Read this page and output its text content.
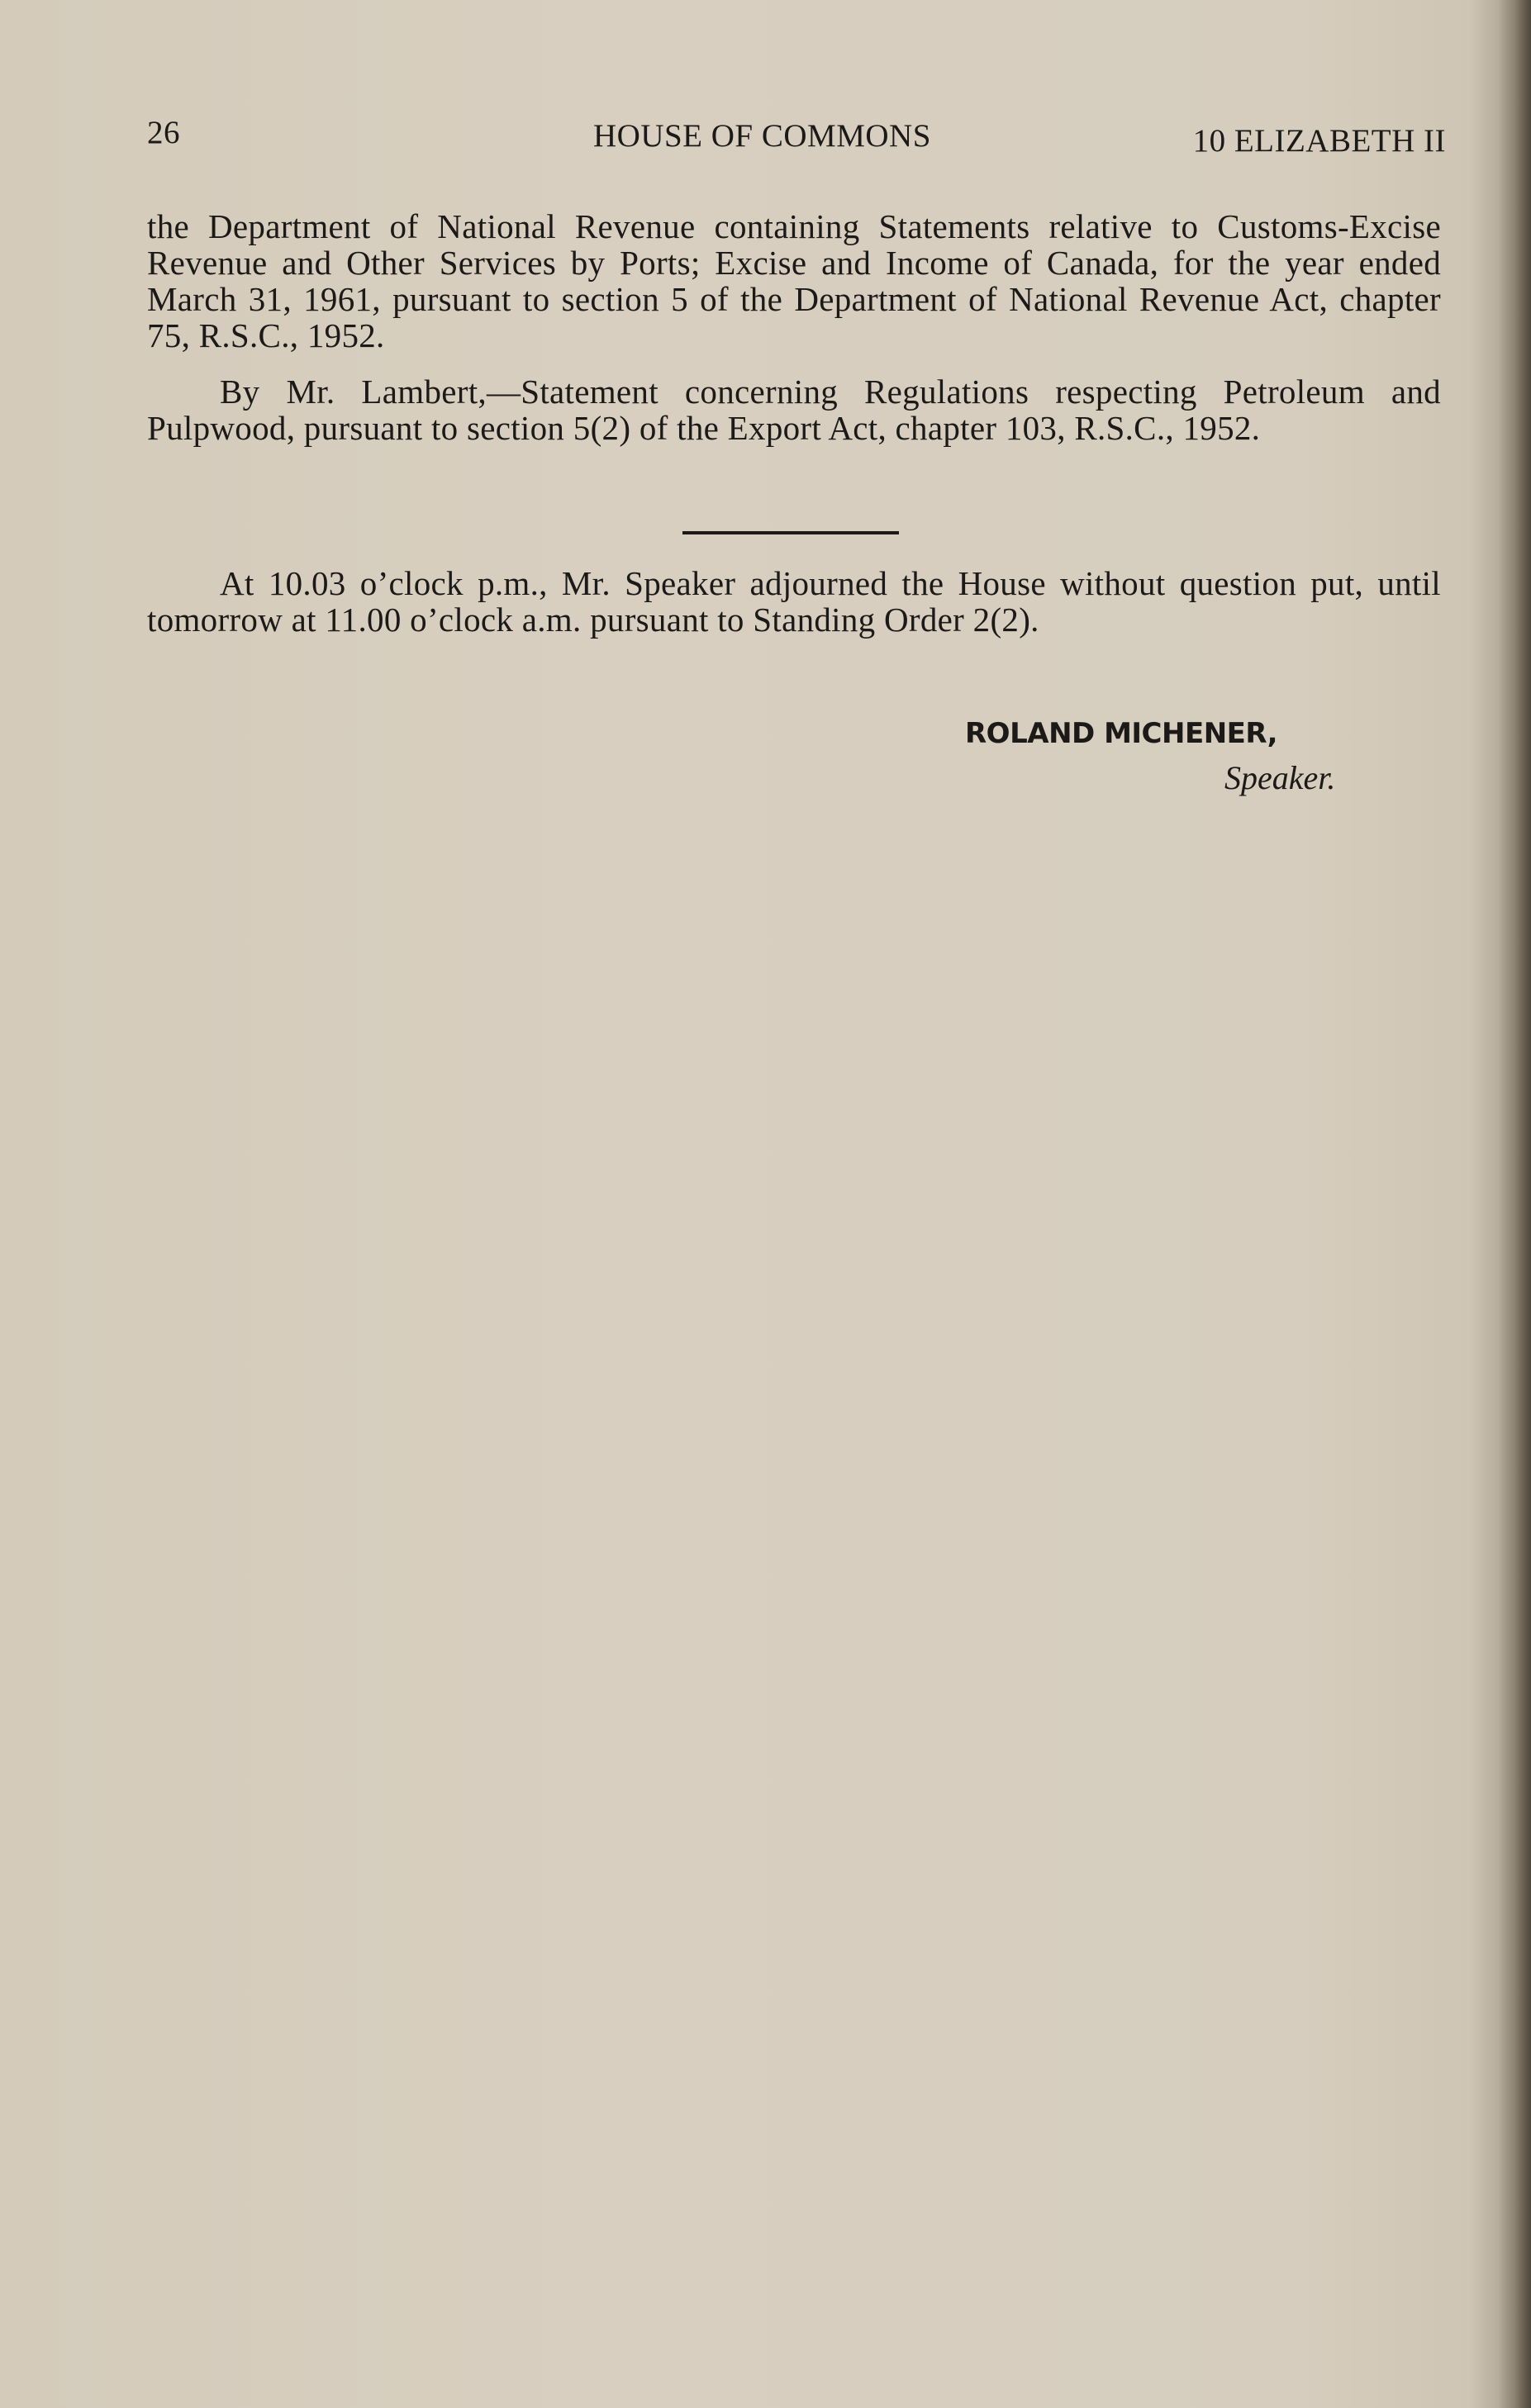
26	HOUSE OF COMMONS	10 ELIZABETH II

the Department of National Revenue containing Statements relative to Customs-Excise Revenue and Other Services by Ports; Excise and Income of Canada, for the year ended March 31, 1961, pursuant to section 5 of the Department of National Revenue Act, chapter 75, R.S.C., 1952.

By Mr. Lambert,—Statement concerning Regulations respecting Petroleum and Pulpwood, pursuant to section 5(2) of the Export Act, chapter 103, R.S.C., 1952.

At 10.03 o’clock p.m., Mr. Speaker adjourned the House without question put, until tomorrow at 11.00 o’clock a.m. pursuant to Standing Order 2(2).

ROLAND MICHENER,
Speaker.
